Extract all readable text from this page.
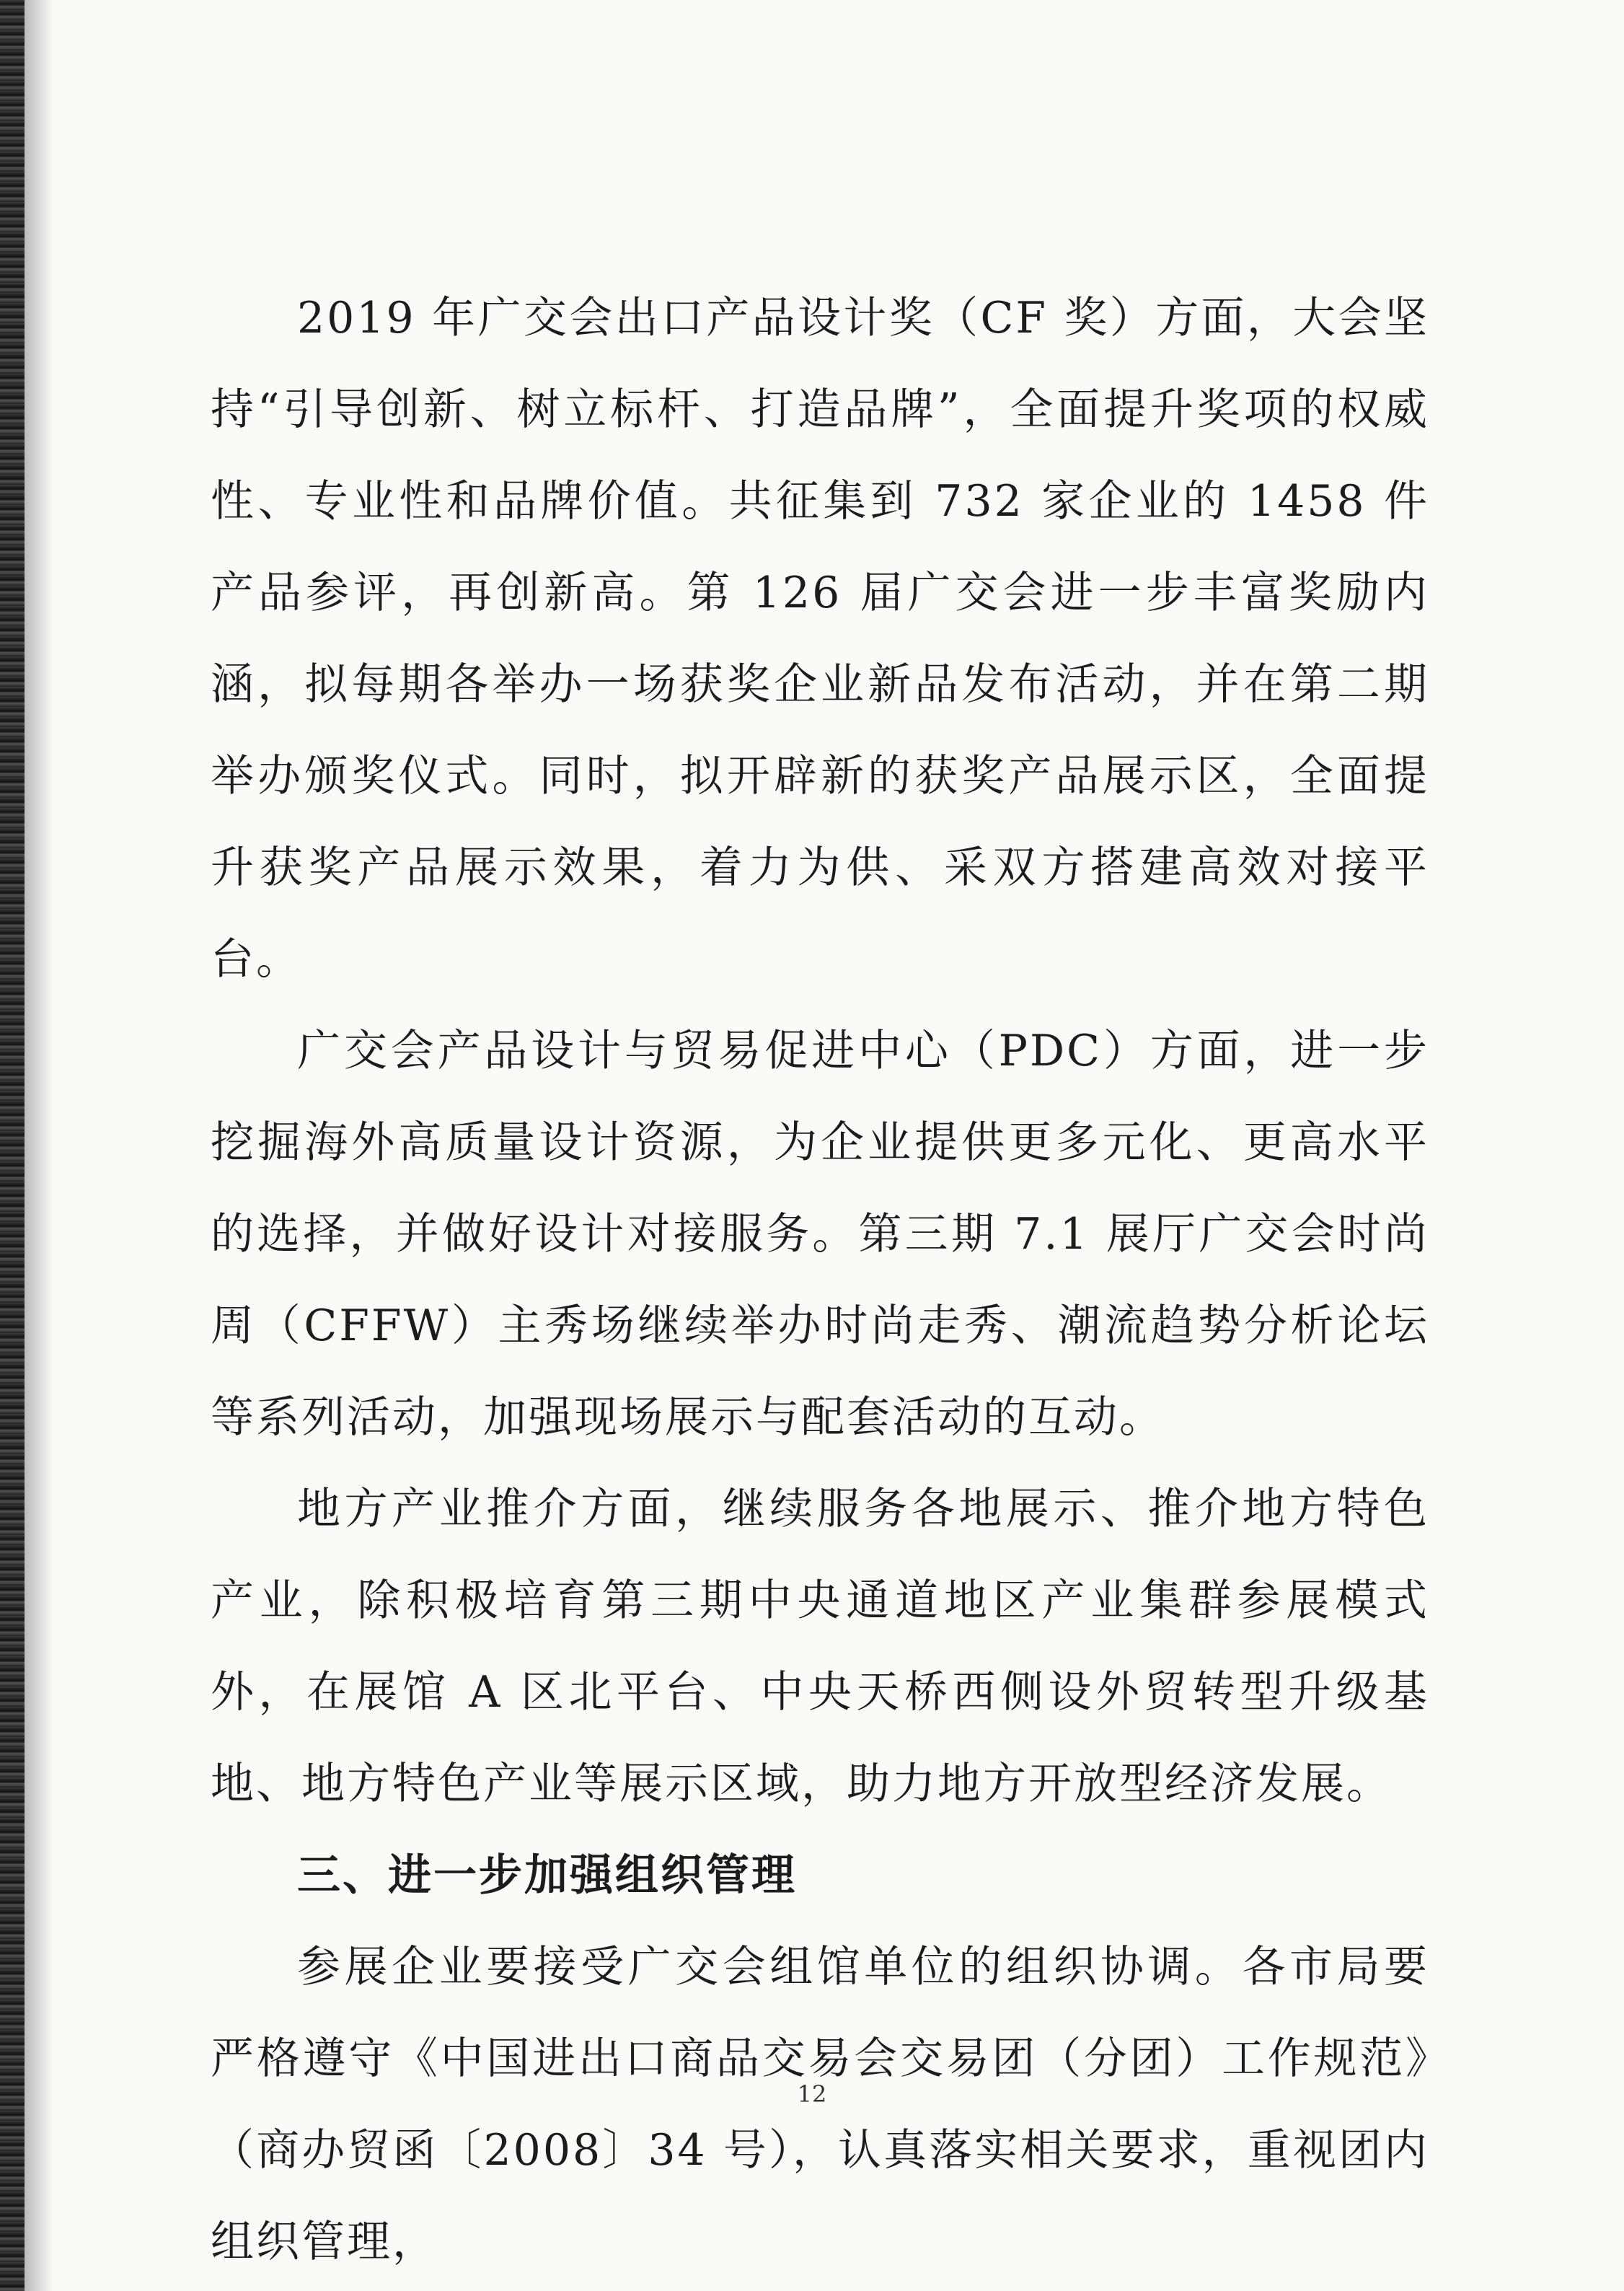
2019 年广交会出口产品设计奖（CF 奖）方面，大会坚持“引导创新、树立标杆、打造品牌”，全面提升奖项的权威性、专业性和品牌价值。共征集到 732 家企业的 1458 件产品参评，再创新高。第 126 届广交会进一步丰富奖励内涵，拟每期各举办一场获奖企业新品发布活动，并在第二期举办颁奖仪式。同时，拟开辟新的获奖产品展示区，全面提升获奖产品展示效果，着力为供、采双方搭建高效对接平台。

广交会产品设计与贸易促进中心（PDC）方面，进一步挖掘海外高质量设计资源，为企业提供更多元化、更高水平的选择，并做好设计对接服务。第三期 7.1 展厅广交会时尚周（CFFW）主秀场继续举办时尚走秀、潮流趋势分析论坛等系列活动，加强现场展示与配套活动的互动。

地方产业推介方面，继续服务各地展示、推介地方特色产业，除积极培育第三期中央通道地区产业集群参展模式外，在展馆 A 区北平台、中央天桥西侧设外贸转型升级基地、地方特色产业等展示区域，助力地方开放型经济发展。

三、进一步加强组织管理

参展企业要接受广交会组馆单位的组织协调。各市局要严格遵守《中国进出口商品交易会交易团（分团）工作规范》（商办贸函〔2008〕34 号），认真落实相关要求，重视团内组织管理，

12
